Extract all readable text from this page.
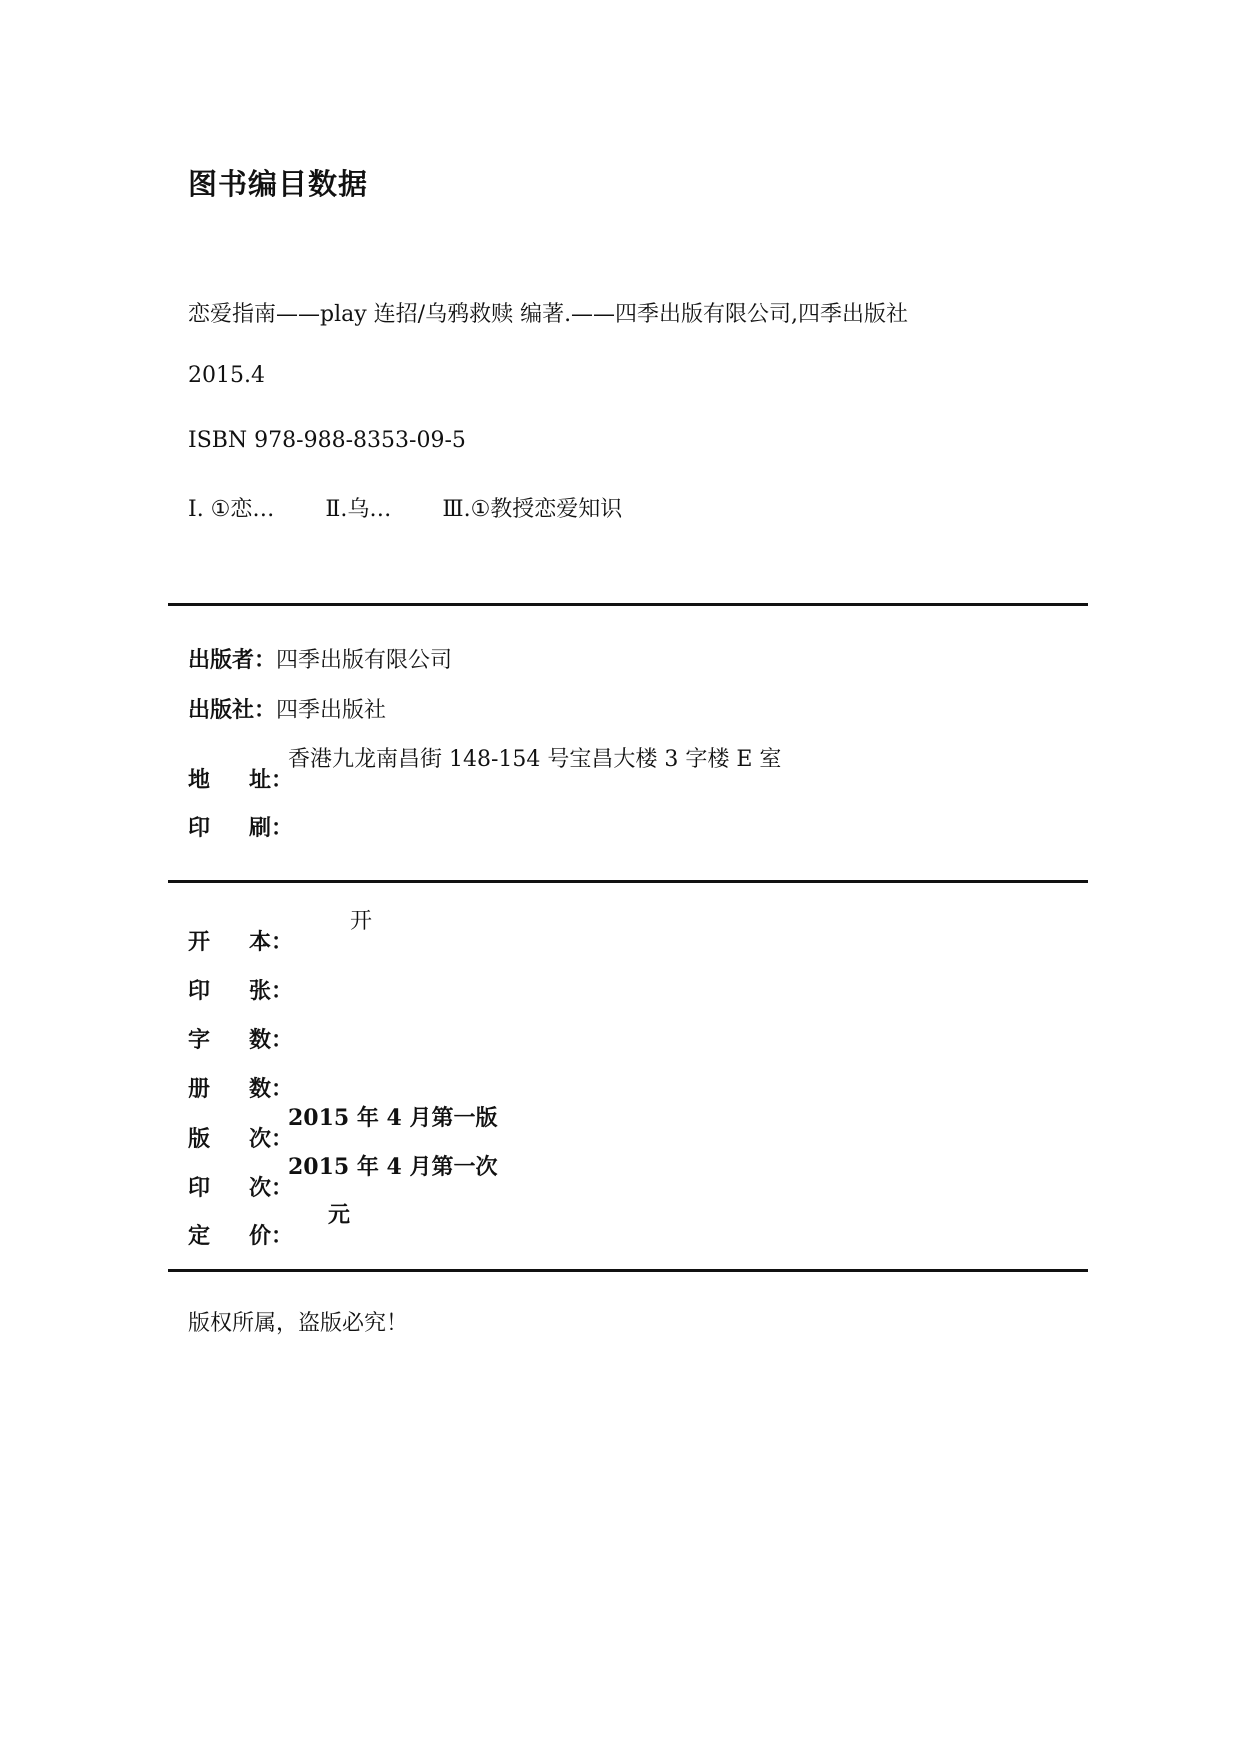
图书编目数据
恋爱指南——play 连招/乌鸦救赎 编著.——四季出版有限公司,四季出版社
2015.4
ISBN 978-988-8353-09-5
Ⅰ. ①恋… Ⅱ.乌… Ⅲ.①教授恋爱知识
出版者：四季出版有限公司
出版社：四季出版社
地 址：
香港九龙南昌街 148-154 号宝昌大楼 3 字楼 E 室
印 刷：
开 本：
开
印 张：
字 数：
册 数：
版 次：
2015 年 4 月第一版
印 次：
2015 年 4 月第一次
定 价：
元
版权所属，盗版必究！
